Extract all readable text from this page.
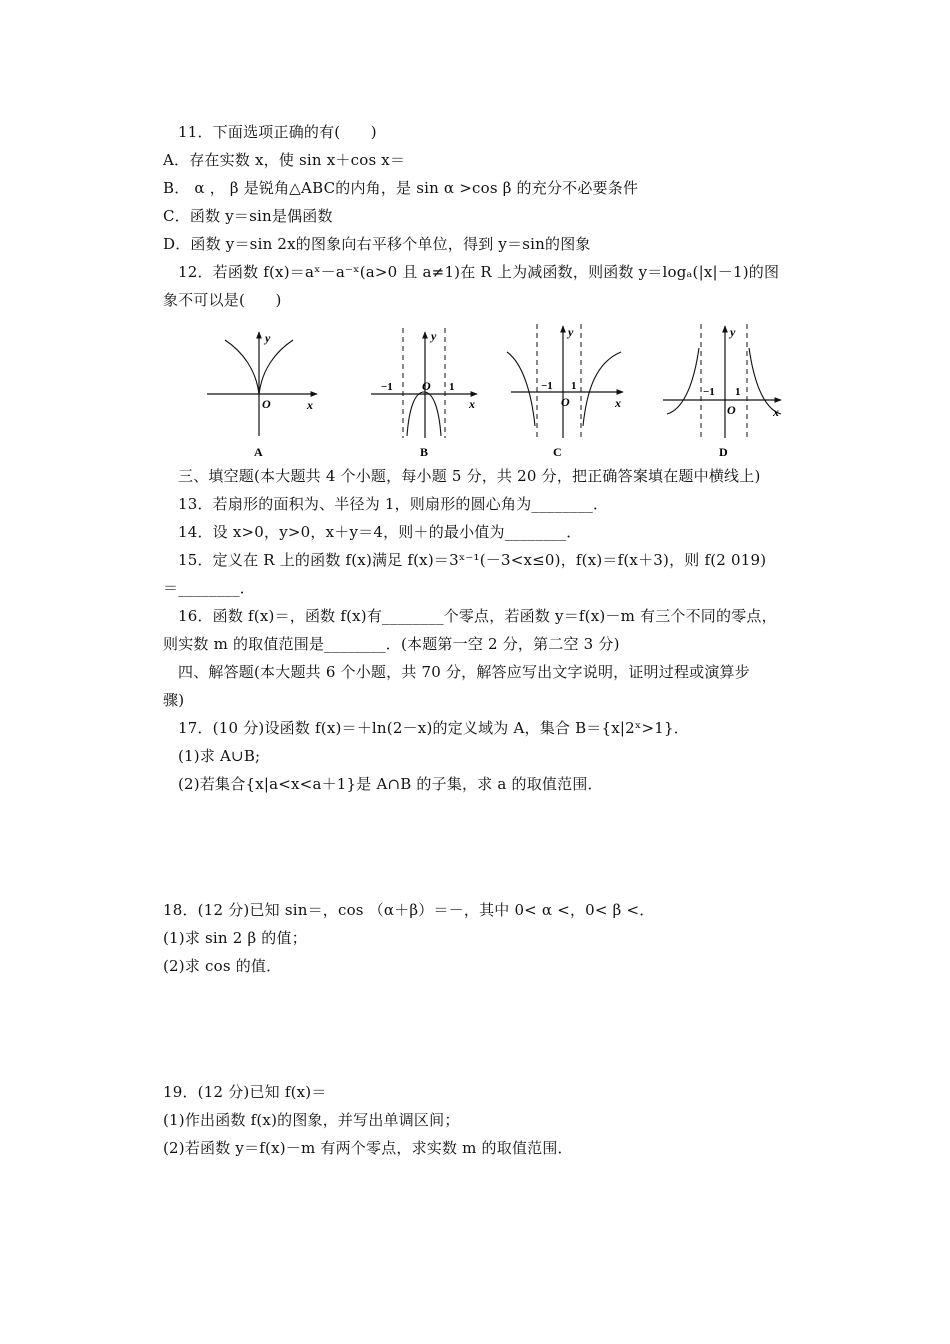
11．下面选项正确的有(　　)
A．存在实数 x，使 sin x＋cos x＝
B． α ， β 是锐角△ABC的内角，是 sin α >cos β 的充分不必要条件
C．函数 y＝sin是偶函数
D．函数 y＝sin 2x的图象向右平移个单位，得到 y＝sin的图象
12．若函数 f(x)＝aˣ－a⁻ˣ(a>0 且 a≠1)在 R 上为减函数，则函数 y＝logₐ(|x|－1)的图
象不可以是(　　)
y
x
O
A
y
x
O
−1	1
B
y
x
O
−1 1
C
y
x
O
−1 1
D
三、填空题(本大题共 4 个小题，每小题 5 分，共 20 分，把正确答案填在题中横线上)
13．若扇形的面积为、半径为 1，则扇形的圆心角为________．
14．设 x>0，y>0，x＋y＝4，则＋的最小值为________．
15．定义在 R 上的函数 f(x)满足 f(x)＝3ˣ⁻¹(－3<x≤0)，f(x)＝f(x＋3)，则 f(2 019)
＝________．
16．函数 f(x)＝，函数 f(x)有________个零点，若函数 y＝f(x)－m 有三个不同的零点，
则实数 m 的取值范围是________．(本题第一空 2 分，第二空 3 分)
四、解答题(本大题共 6 个小题，共 70 分，解答应写出文字说明，证明过程或演算步
骤)
17．(10 分)设函数 f(x)＝＋ln(2－x)的定义域为 A，集合 B＝{x|2ˣ>1}．
(1)求 A∪B;
(2)若集合{x|a<x<a＋1}是 A∩B 的子集，求 a 的取值范围．
18．(12 分)已知 sin＝，cos （α＋β）＝－，其中 0< α <，0< β <．
(1)求 sin 2 β 的值；
(2)求 cos 的值．
19．(12 分)已知 f(x)＝
(1)作出函数 f(x)的图象，并写出单调区间；
(2)若函数 y＝f(x)－m 有两个零点，求实数 m 的取值范围．
